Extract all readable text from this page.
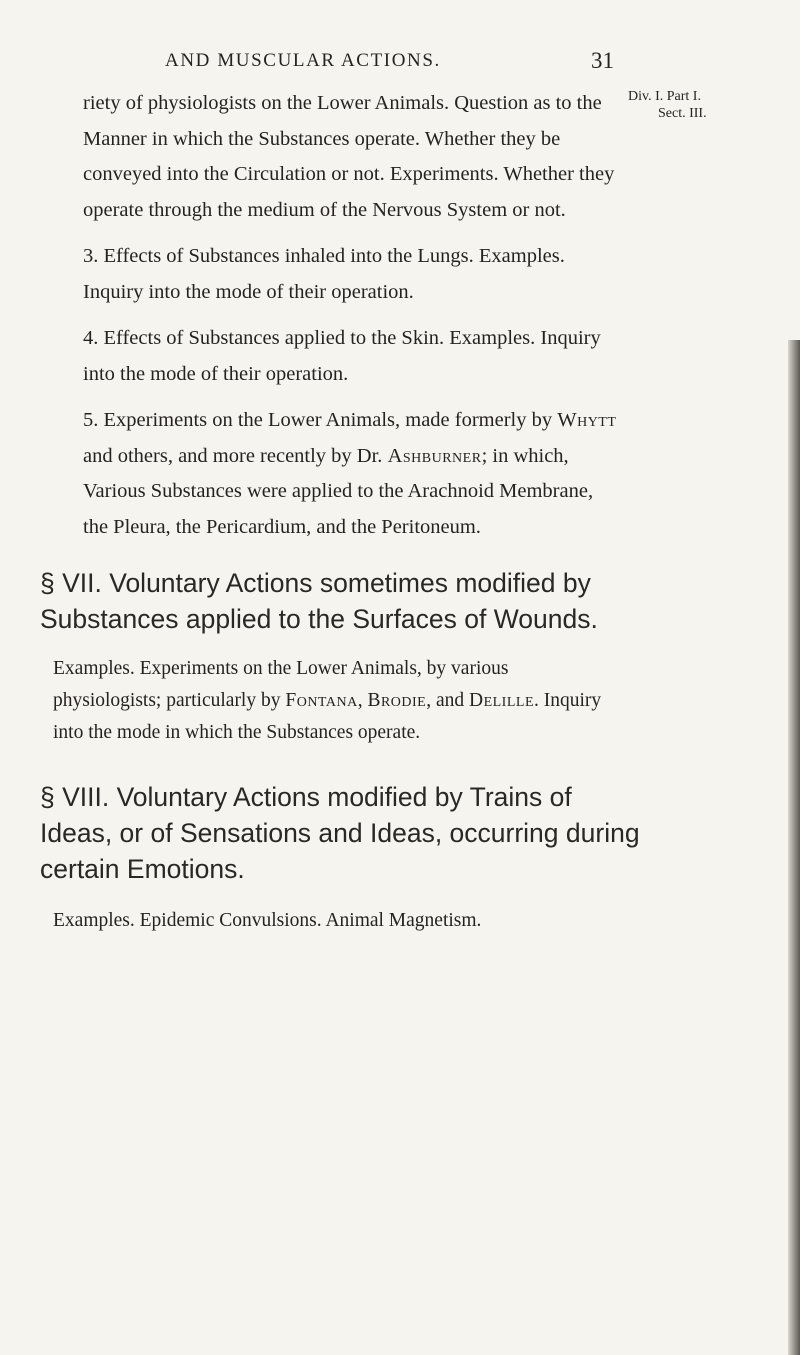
AND MUSCULAR ACTIONS.	31
Div. I. Part I.
Sect. III.

riety of physiologists on the Lower Animals. Question as to the Manner in which the Substances operate. Whether they be conveyed into the Circulation or not. Experiments. Whether they operate through the medium of the Nervous System or not.

3. Effects of Substances inhaled into the Lungs. Examples. Inquiry into the mode of their operation.

4. Effects of Substances applied to the Skin. Examples. Inquiry into the mode of their operation.

5. Experiments on the Lower Animals, made formerly by Whytt and others, and more recently by Dr. Ashburner; in which, Various Substances were applied to the Arachnoid Membrane, the Pleura, the Pericardium, and the Peritoneum.

§ VII. Voluntary Actions sometimes modified by Substances applied to the Surfaces of Wounds.

Examples. Experiments on the Lower Animals, by various physiologists; particularly by Fontana, Brodie, and Delille. Inquiry into the mode in which the Substances operate.

§ VIII. Voluntary Actions modified by Trains of Ideas, or of Sensations and Ideas, occurring during certain Emotions.

Examples. Epidemic Convulsions. Animal Magnetism.
